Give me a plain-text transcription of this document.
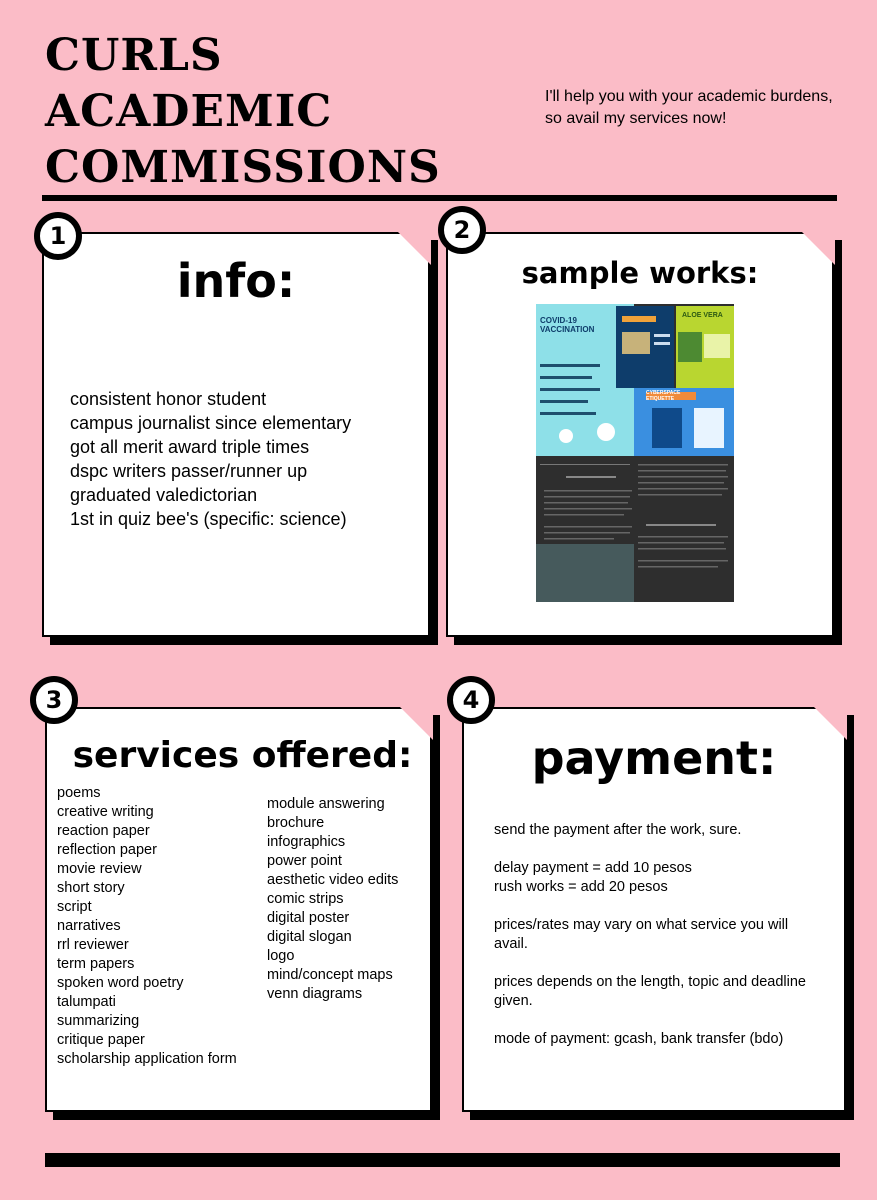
CURLS
ACADEMIC
COMMISSIONS
I'll help you with your academic burdens, so avail my services now!
info:
consistent honor student
campus journalist since elementary
got all merit award triple times
dspc writers passer/runner up
graduated valedictorian
1st in quiz bee's (specific: science)
1
sample works:
COVID-19 VACCINATION
ALOE VERA
CYBERSPACE ETIQUETTE
2
services offered:
poems
creative writing
reaction paper
reflection paper
movie review
short story
script
narratives
rrl reviewer
term papers
spoken word poetry
talumpati
summarizing
critique paper
scholarship application form
module answering
brochure
infographics
power point
aesthetic video edits
comic strips
digital poster
digital slogan
logo
mind/concept maps
venn diagrams
3
payment:
send the payment after the work, sure.

delay payment = add 10 pesos
rush works = add 20 pesos

prices/rates may vary on what service you will avail.

prices depends on the length, topic and deadline given.

mode of payment: gcash, bank transfer (bdo)
4
